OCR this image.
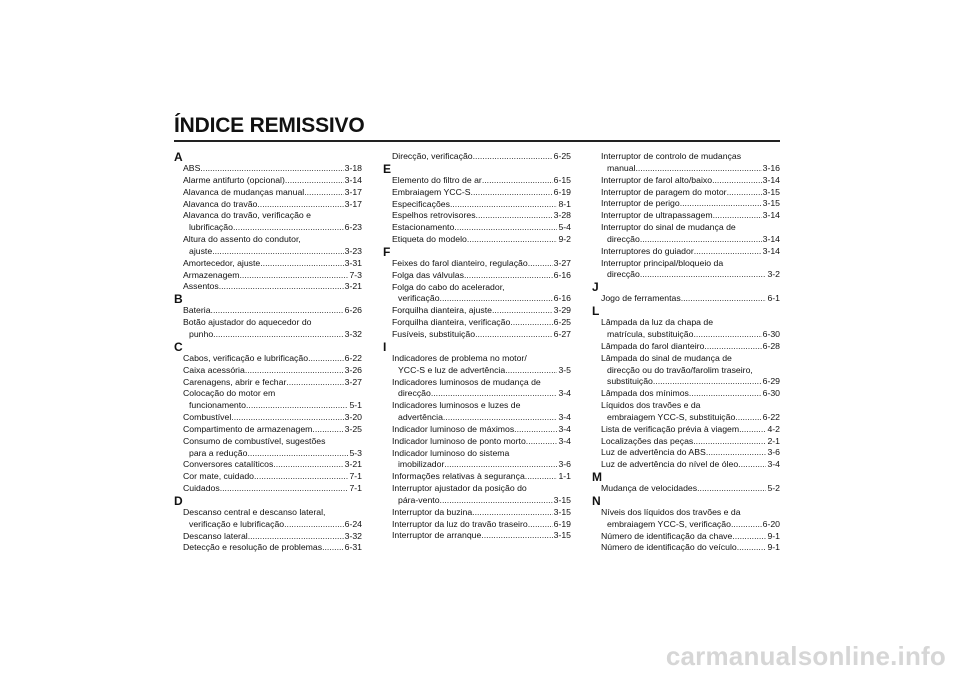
ÍNDICE REMISSIVO
A
ABS .....	3-18
Alarme antifurto (opcional) .....	3-14
Alavanca de mudanças manual .....	3-17
Alavanca do travão .....	3-17
Alavanca do travão, verificação e
lubrificação .....	6-23
Altura do assento do condutor,
ajuste .....	3-23
Amortecedor, ajuste .....	3-31
Armazenagem .....	7-3
Assentos .....	3-21
B
Bateria .....	6-26
Botão ajustador do aquecedor do
punho .....	3-32
C
Cabos, verificação e lubrificação .....	6-22
Caixa acessória .....	3-26
Carenagens, abrir e fechar .....	3-27
Colocação do motor em
funcionamento .....	5-1
Combustível .....	3-20
Compartimento de armazenagem .....	3-25
Consumo de combustível, sugestões
para a redução .....	5-3
Conversores catalíticos .....	3-21
Cor mate, cuidado .....	7-1
Cuidados .....	7-1
D
Descanso central e descanso lateral,
verificação e lubrificação .....	6-24
Descanso lateral .....	3-32
Detecção e resolução de problemas .....	6-31
Direcção, verificação .....	6-25
E
Elemento do filtro de ar .....	6-15
Embraiagem YCC-S .....	6-19
Especificações .....	8-1
Espelhos retrovisores .....	3-28
Estacionamento .....	5-4
Etiqueta do modelo .....	9-2
F
Feixes do farol dianteiro, regulação .....	3-27
Folga das válvulas .....	6-16
Folga do cabo do acelerador,
verificação .....	6-16
Forquilha dianteira, ajuste .....	3-29
Forquilha dianteira, verificação .....	6-25
Fusíveis, substituição .....	6-27
I
Indicadores de problema no motor/
YCC-S e luz de advertência .....	3-5
Indicadores luminosos de mudança de
direcção .....	3-4
Indicadores luminosos e luzes de
advertência .....	3-4
Indicador luminoso de máximos .....	3-4
Indicador luminoso de ponto morto .....	3-4
Indicador luminoso do sistema
imobilizador .....	3-6
Informações relativas à segurança .....	1-1
Interruptor ajustador da posição do
pára-vento .....	3-15
Interruptor da buzina .....	3-15
Interruptor da luz do travão traseiro .....	6-19
Interruptor de arranque .....	3-15
Interruptor de controlo de mudanças
manual .....	3-16
Interruptor de farol alto/baixo .....	3-14
Interruptor de paragem do motor .....	3-15
Interruptor de perigo .....	3-15
Interruptor de ultrapassagem .....	3-14
Interruptor do sinal de mudança de
direcção .....	3-14
Interruptores do guiador .....	3-14
Interruptor principal/bloqueio da
direcção .....	3-2
J
Jogo de ferramentas .....	6-1
L
Lâmpada da luz da chapa de
matrícula, substituição .....	6-30
Lâmpada do farol dianteiro .....	6-28
Lâmpada do sinal de mudança de
direcção ou do travão/farolim traseiro,
substituição .....	6-29
Lâmpada dos mínimos .....	6-30
Líquidos dos travões e da
embraiagem YCC-S, substituição .....	6-22
Lista de verificação prévia à viagem .....	4-2
Localizações das peças .....	2-1
Luz de advertência do ABS .....	3-6
Luz de advertência do nível de óleo .....	3-4
M
Mudança de velocidades .....	5-2
N
Níveis dos líquidos dos travões e da
embraiagem YCC-S, verificação .....	6-20
Número de identificação da chave .....	9-1
Número de identificação do veículo .....	9-1
carmanualsonline.info
